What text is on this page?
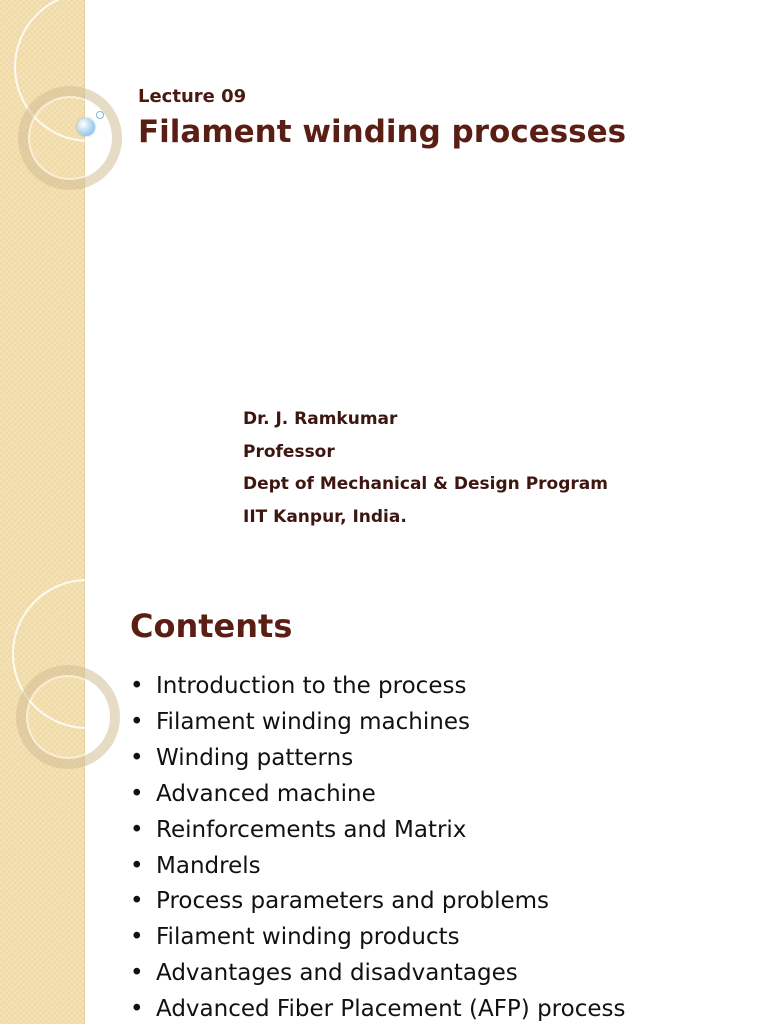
Lecture 09

Filament winding processes
Dr. J. Ramkumar
Professor
Dept of Mechanical & Design Program
IIT Kanpur, India.
Contents
• Introduction to the process
• Filament winding machines
• Winding patterns
• Advanced machine
• Reinforcements and Matrix
• Mandrels
• Process parameters and problems
• Filament winding products
• Advantages and disadvantages
• Advanced Fiber Placement (AFP) process
